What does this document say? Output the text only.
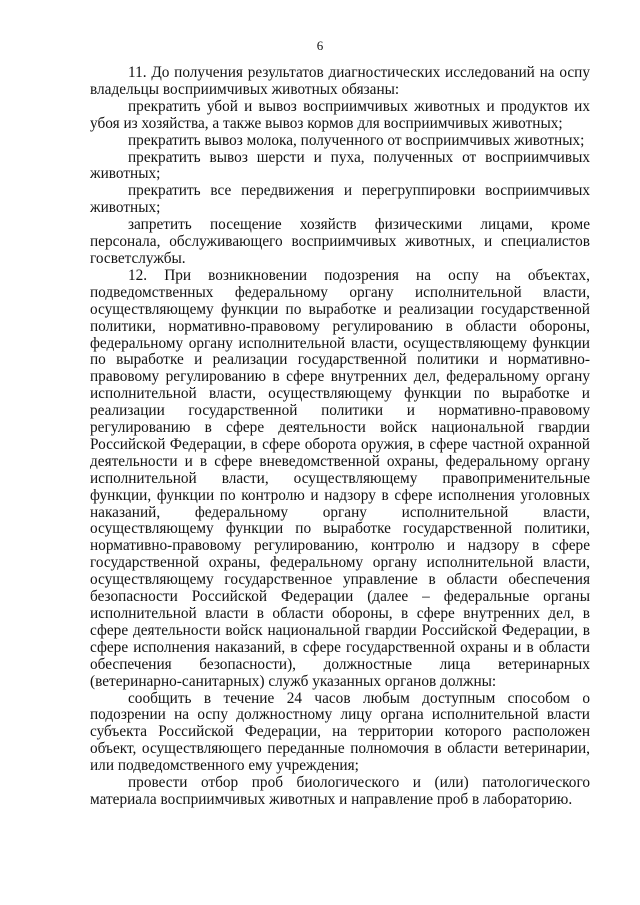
6

11. До получения результатов диагностических исследований на оспу владельцы восприимчивых животных обязаны:

прекратить убой и вывоз восприимчивых животных и продуктов их убоя из хозяйства, а также вывоз кормов для восприимчивых животных;

прекратить вывоз молока, полученного от восприимчивых животных;

прекратить вывоз шерсти и пуха, полученных от восприимчивых животных;

прекратить все передвижения и перегруппировки восприимчивых животных;

запретить посещение хозяйств физическими лицами, кроме персонала, обслуживающего восприимчивых животных, и специалистов госветслужбы.

12. При возникновении подозрения на оспу на объектах, подведомственных федеральному органу исполнительной власти, осуществляющему функции по выработке и реализации государственной политики, нормативно-правовому регулированию в области обороны, федеральному органу исполнительной власти, осуществляющему функции по выработке и реализации государственной политики и нормативно-правовому регулированию в сфере внутренних дел, федеральному органу исполнительной власти, осуществляющему функции по выработке и реализации государственной политики и нормативно-правовому регулированию в сфере деятельности войск национальной гвардии Российской Федерации, в сфере оборота оружия, в сфере частной охранной деятельности и в сфере вневедомственной охраны, федеральному органу исполнительной власти, осуществляющему правоприменительные функции, функции по контролю и надзору в сфере исполнения уголовных наказаний, федеральному органу исполнительной власти, осуществляющему функции по выработке государственной политики, нормативно-правовому регулированию, контролю и надзору в сфере государственной охраны, федеральному органу исполнительной власти, осуществляющему государственное управление в области обеспечения безопасности Российской Федерации (далее – федеральные органы исполнительной власти в области обороны, в сфере внутренних дел, в сфере деятельности войск национальной гвардии Российской Федерации, в сфере исполнения наказаний, в сфере государственной охраны и в области обеспечения безопасности), должностные лица ветеринарных (ветеринарно-санитарных) служб указанных органов должны:

сообщить в течение 24 часов любым доступным способом о подозрении на оспу должностному лицу органа исполнительной власти субъекта Российской Федерации, на территории которого расположен объект, осуществляющего переданные полномочия в области ветеринарии, или подведомственного ему учреждения;

провести отбор проб биологического и (или) патологического материала восприимчивых животных и направление проб в лабораторию.
